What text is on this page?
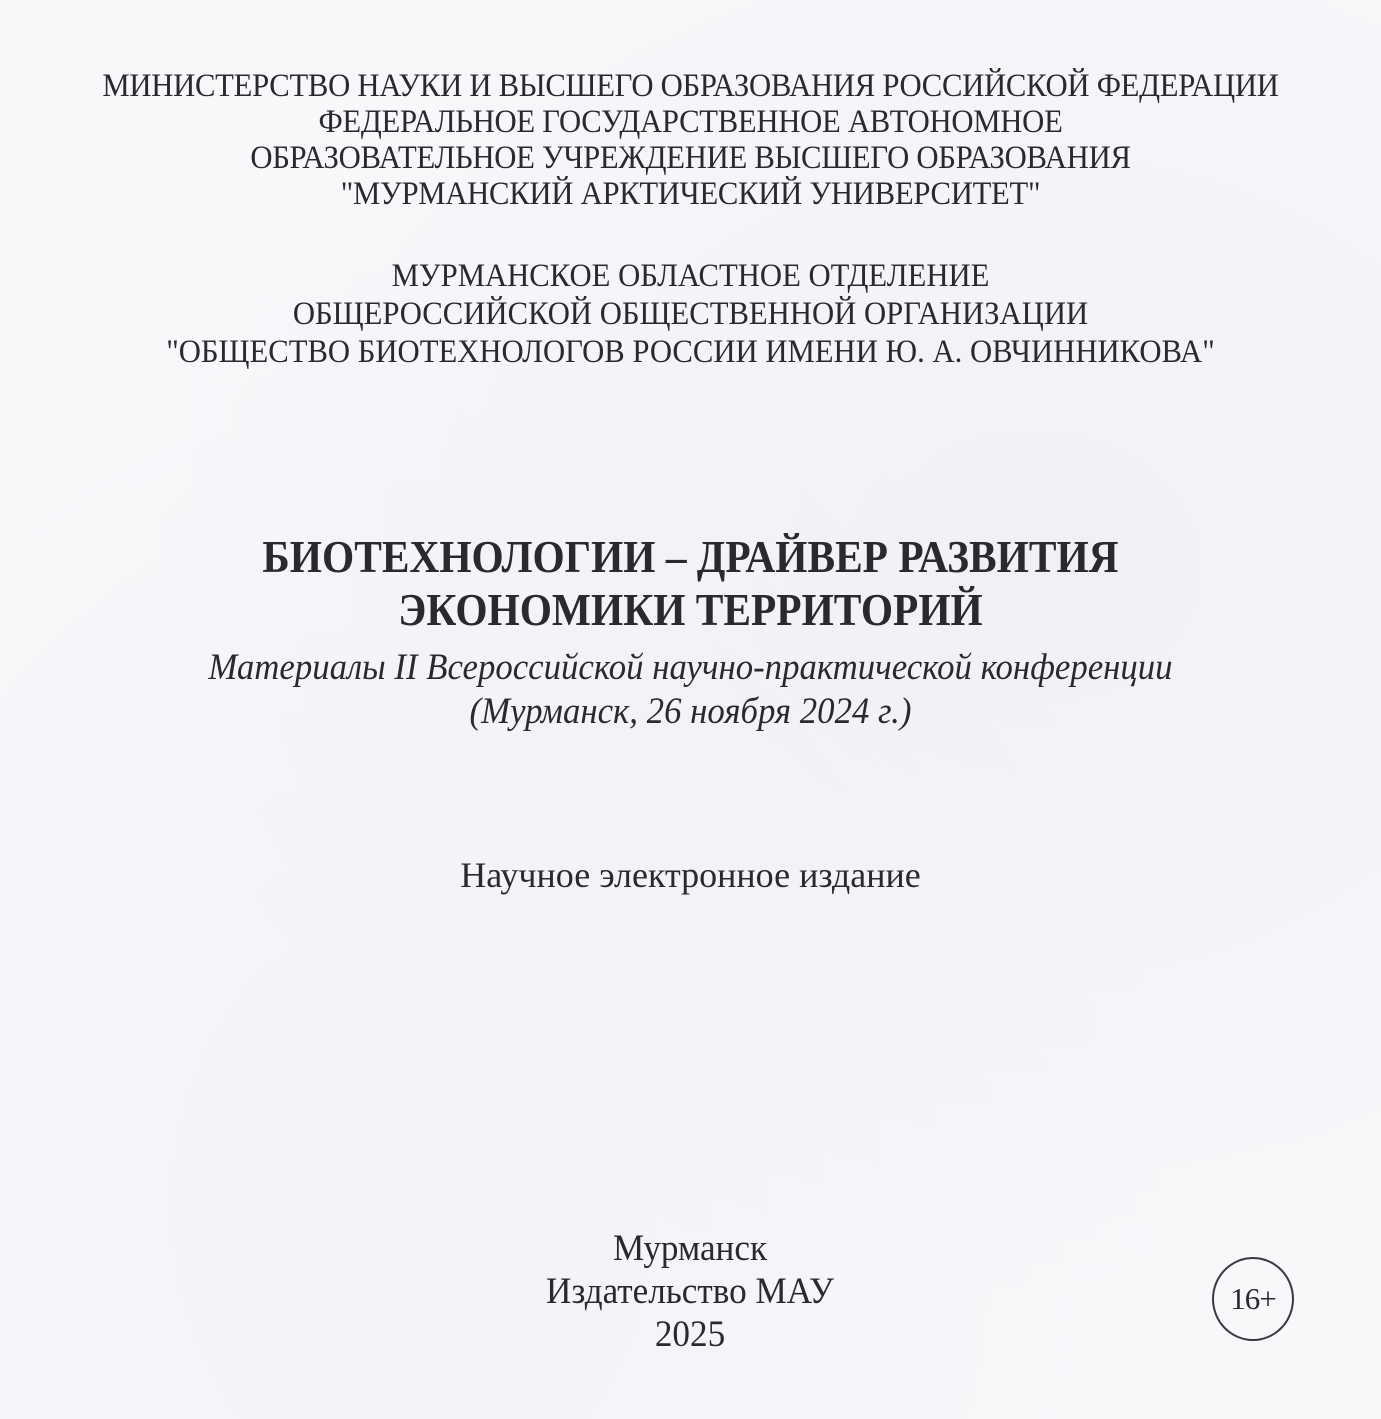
МИНИСТЕРСТВО НАУКИ И ВЫСШЕГО ОБРАЗОВАНИЯ РОССИЙСКОЙ ФЕДЕРАЦИИ
ФЕДЕРАЛЬНОЕ ГОСУДАРСТВЕННОЕ АВТОНОМНОЕ
ОБРАЗОВАТЕЛЬНОЕ УЧРЕЖДЕНИЕ ВЫСШЕГО ОБРАЗОВАНИЯ
"МУРМАНСКИЙ АРКТИЧЕСКИЙ УНИВЕРСИТЕТ"
МУРМАНСКОЕ ОБЛАСТНОЕ ОТДЕЛЕНИЕ
ОБЩЕРОССИЙСКОЙ ОБЩЕСТВЕННОЙ ОРГАНИЗАЦИИ
"ОБЩЕСТВО БИОТЕХНОЛОГОВ РОССИИ ИМЕНИ Ю. А. ОВЧИННИКОВА"
БИОТЕХНОЛОГИИ – ДРАЙВЕР РАЗВИТИЯ
ЭКОНОМИКИ ТЕРРИТОРИЙ
Материалы II Всероссийской научно-практической конференции
(Мурманск, 26 ноября 2024 г.)
Научное электронное издание
Мурманск
Издательство МАУ
2025
16+
